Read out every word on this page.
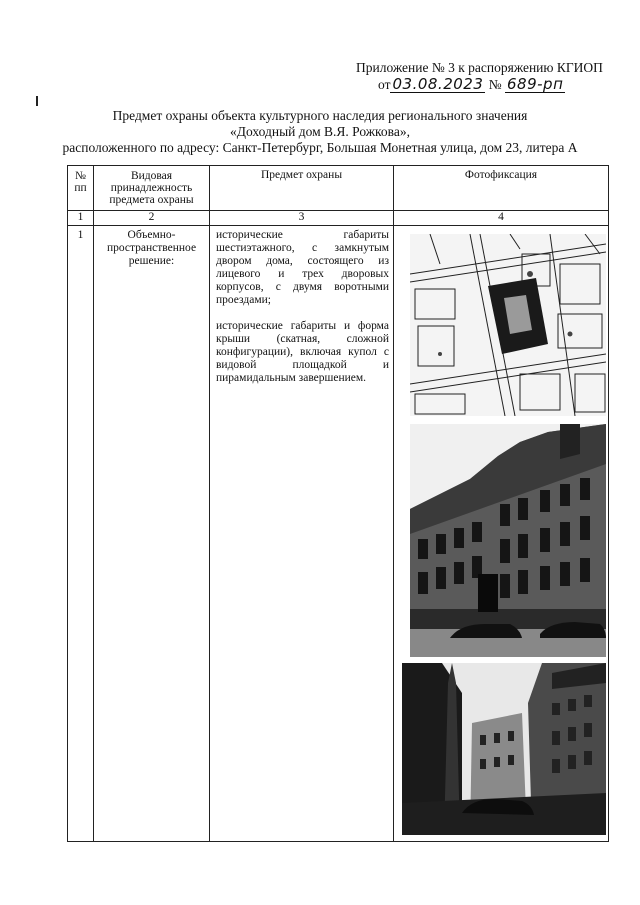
Приложение № 3 к распоряжению КГИОП
от 03.08.2023 № 689-рп
Предмет охраны объекта культурного наследия регионального значения
«Доходный дом В.Я. Рожкова»,
расположенного по адресу: Санкт-Петербург, Большая Монетная улица, дом 23, литера А
№ пп	Видовая принадлежность предмета охраны	Предмет охраны	Фотофиксация
1	2	3	4
1	Объемно-пространственное решение:	исторические габариты шестиэтажного, с замкнутым двором дома, состоящего из лицевого и трех дворовых корпусов, с двумя воротными проездами;

исторические габариты и форма крыши (скатная, сложной конфигурации), включая купол с видовой площадкой и пирамидальным завершением.
